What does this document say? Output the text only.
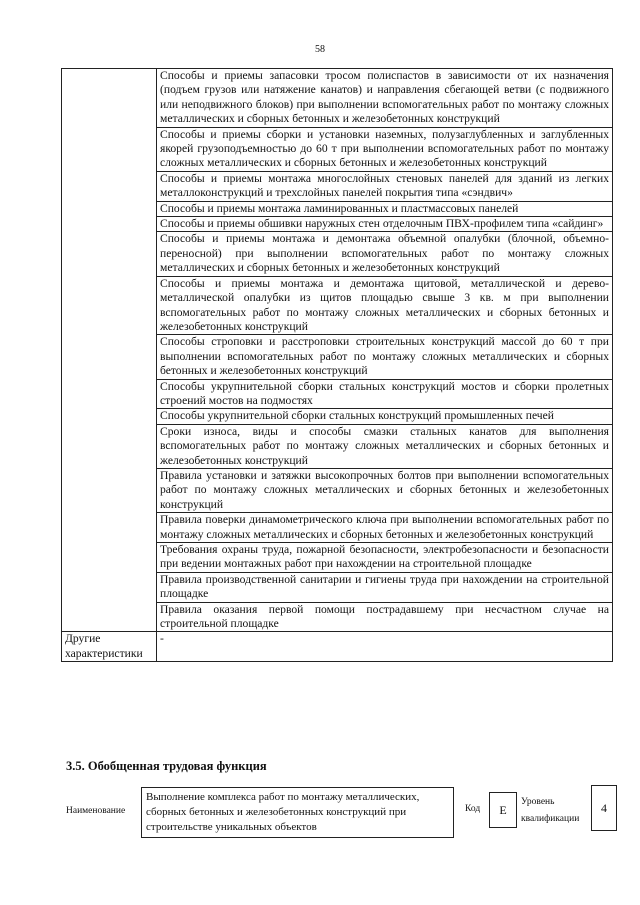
58
	Способы и приемы запасовки тросом полиспастов в зависимости от их назначения (подъем грузов или натяжение канатов) и направления сбегающей ветви (с подвижного или неподвижного блоков) при выполнении вспомогательных работ по монтажу сложных металлических и сборных бетонных и железобетонных конструкций
	Способы и приемы сборки и установки наземных, полузаглубленных и заглубленных якорей грузоподъемностью до 60 т при выполнении вспомогательных работ по монтажу сложных металлических и сборных бетонных и железобетонных конструкций
	Способы и приемы монтажа многослойных стеновых панелей для зданий из легких металлоконструкций и трехслойных панелей покрытия типа «сэндвич»
	Способы и приемы монтажа ламинированных и пластмассовых панелей
	Способы и приемы обшивки наружных стен отделочным ПВХ-профилем типа «сайдинг»
	Способы и приемы монтажа и демонтажа объемной опалубки (блочной, объемно-переносной) при выполнении вспомогательных работ по монтажу сложных металлических и сборных бетонных и железобетонных конструкций
	Способы и приемы монтажа и демонтажа щитовой, металлической и дерево-металлической опалубки из щитов площадью свыше 3 кв. м при выполнении вспомогательных работ по монтажу сложных металлических и сборных бетонных и железобетонных конструкций
	Способы строповки и расстроповки строительных конструкций массой до 60 т при выполнении вспомогательных работ по монтажу сложных металлических и сборных бетонных и железобетонных конструкций
	Способы укрупнительной сборки стальных конструкций мостов и сборки пролетных строений мостов на подмостях
	Способы укрупнительной сборки стальных конструкций промышленных печей
	Сроки износа, виды и способы смазки стальных канатов для выполнения вспомогательных работ по монтажу сложных металлических и сборных бетонных и железобетонных конструкций
	Правила установки и затяжки высокопрочных болтов при выполнении вспомогательных работ по монтажу сложных металлических и сборных бетонных и железобетонных конструкций
	Правила поверки динамометрического ключа при выполнении вспомогательных работ по монтажу сложных металлических и сборных бетонных и железобетонных конструкций
	Требования охраны труда, пожарной безопасности, электробезопасности и безопасности при ведении монтажных работ при нахождении на строительной площадке
	Правила производственной санитарии и гигиены труда при нахождении на строительной площадке
	Правила оказания первой помощи пострадавшему при несчастном случае на строительной площадке
Другие характеристики	-
3.5. Обобщенная трудовая функция
Наименование
Выполнение комплекса работ по монтажу металлических, сборных бетонных и железобетонных конструкций при строительстве уникальных объектов
Код	E
Уровень
квалификации
4
